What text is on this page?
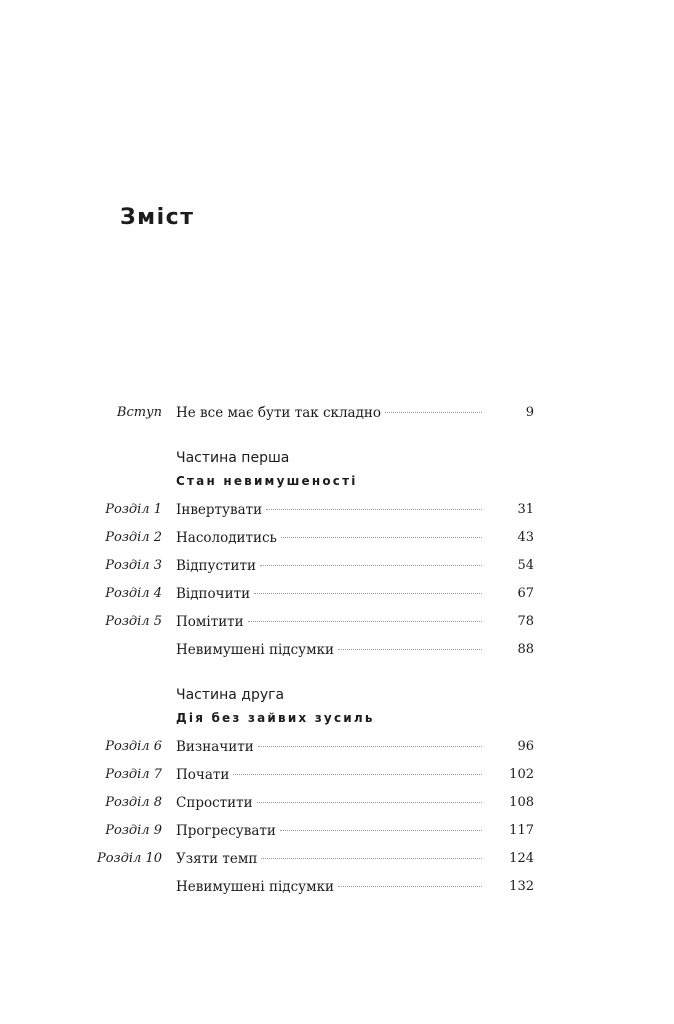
Зміст
Вступ Не все має бути так складно	9
Частина перша
Стан невимушеності
Розділ 1 Інвертувати	31
Розділ 2 Насолодитись	43
Розділ 3 Відпустити	54
Розділ 4 Відпочити	67
Розділ 5 Помітити	78
Невимушені підсумки	88
Частина друга
Дія без зайвих зусиль
Розділ 6 Визначити	96
Розділ 7 Почати	102
Розділ 8 Спростити	108
Розділ 9 Прогресувати	117
Розділ 10 Узяти темп	124
Невимушені підсумки	132
